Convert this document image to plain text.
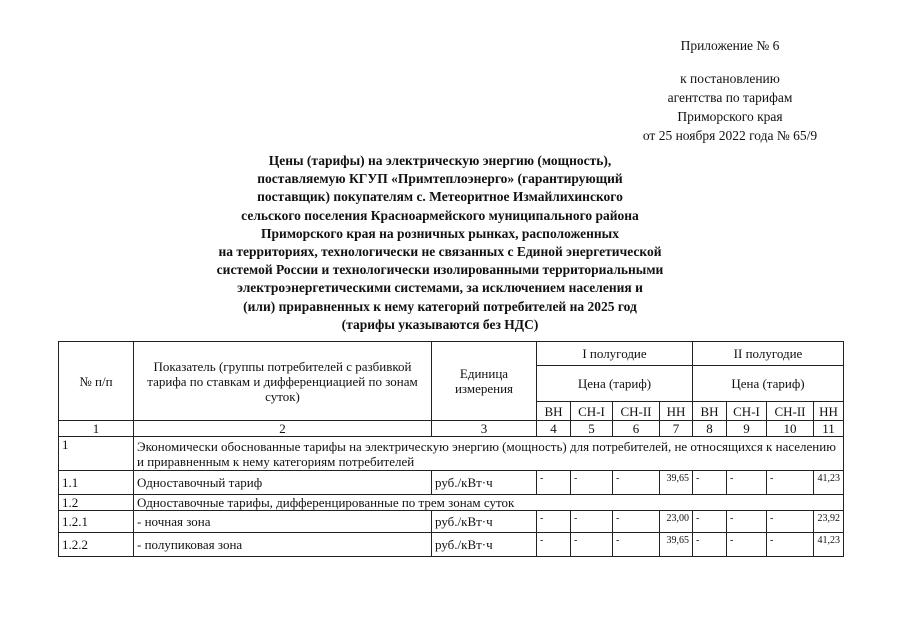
Приложение № 6
к постановлению
агентства по тарифам
Приморского края
от 25 ноября 2022 года № 65/9
Цены (тарифы) на электрическую энергию (мощность),
поставляемую КГУП «Примтеплоэнерго» (гарантирующий
поставщик) покупателям с. Метеоритное Измайлихинского
сельского поселения Красноармейского муниципального района
Приморского края на розничных рынках, расположенных
на территориях, технологически не связанных с Единой энергетической
системой России и технологически изолированными территориальными
электроэнергетическими системами, за исключением населения и
(или) приравненных к нему категорий потребителей на 2025 год
(тарифы указываются без НДС)
№ п/п	Показатель (группы потребителей с разбивкой тарифа по ставкам и дифференциацией по зонам суток)	Единица измерения	I полугодие				II полугодие			
			Цена (тариф)				Цена (тариф)			
			ВН	СН-I	СН-II	НН	ВН	СН-I	СН-II	НН
1	2	3	4	5	6	7	8	9	10	11
1	Экономически обоснованные тарифы на электрическую энергию (мощность) для потребителей, не относящихся к населению и приравненным к нему категориям потребителей									
1.1	Одноставочный тариф	руб./кВт·ч	-	-	-	39,65	-	-	-	41,23
1.2	Одноставочные тарифы, дифференцированные по трем зонам суток									
1.2.1	- ночная зона	руб./кВт·ч	-	-	-	23,00	-	-	-	23,92
1.2.2	- полупиковая зона	руб./кВт·ч	-	-	-	39,65	-	-	-	41,23
